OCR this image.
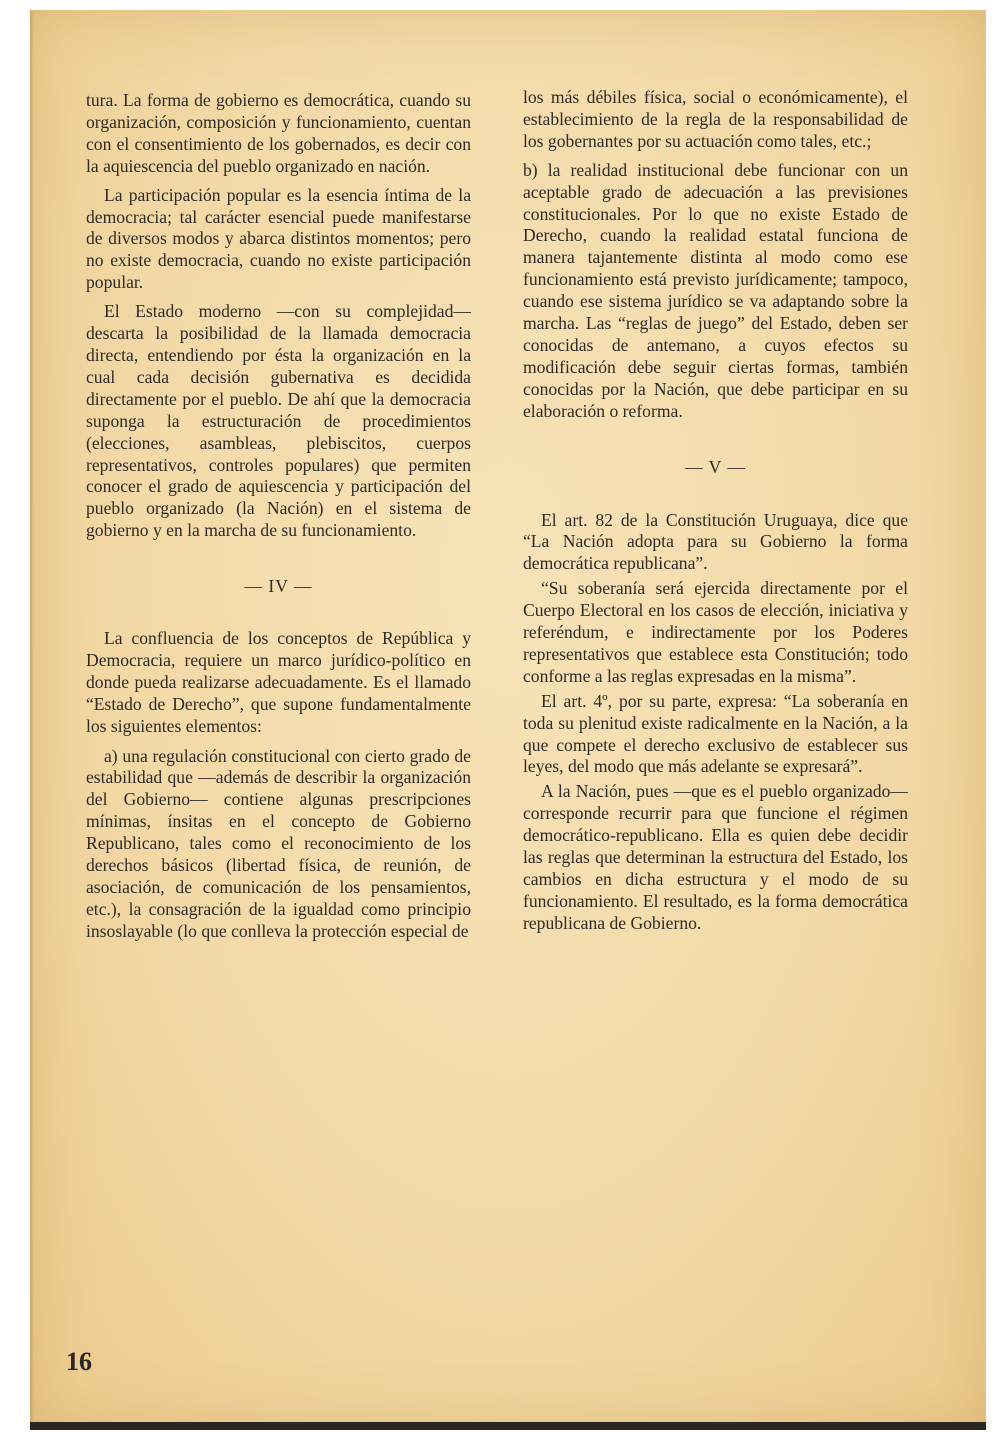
tura. La forma de gobierno es democrática, cuando su organización, composición y funcionamiento, cuentan con el consentimiento de los gobernados, es decir con la aquiescencia del pueblo organizado en nación.

La participación popular es la esencia íntima de la democracia; tal carácter esencial puede manifestarse de diversos modos y abarca distintos momentos; pero no existe democracia, cuando no existe participación popular.

El Estado moderno —con su complejidad— descarta la posibilidad de la llamada democracia directa, entendiendo por ésta la organización en la cual cada decisión gubernativa es decidida directamente por el pueblo. De ahí que la democracia suponga la estructuración de procedimientos (elecciones, asambleas, plebiscitos, cuerpos representativos, controles populares) que permiten conocer el grado de aquiescencia y participación del pueblo organizado (la Nación) en el sistema de gobierno y en la marcha de su funcionamiento.

— IV —

La confluencia de los conceptos de República y Democracia, requiere un marco jurídico-político en donde pueda realizarse adecuadamente. Es el llamado “Estado de Derecho”, que supone fundamentalmente los siguientes elementos:

a) una regulación constitucional con cierto grado de estabilidad que —además de describir la organización del Gobierno— contiene algunas prescripciones mínimas, ínsitas en el concepto de Gobierno Republicano, tales como el reconocimiento de los derechos básicos (libertad física, de reunión, de asociación, de comunicación de los pensamientos, etc.), la consagración de la igualdad como principio insoslayable (lo que conlleva la protección especial de

los más débiles física, social o económicamente), el establecimiento de la regla de la responsabilidad de los gobernantes por su actuación como tales, etc.;

b) la realidad institucional debe funcionar con un aceptable grado de adecuación a las previsiones constitucionales. Por lo que no existe Estado de Derecho, cuando la realidad estatal funciona de manera tajantemente distinta al modo como ese funcionamiento está previsto jurídicamente; tampoco, cuando ese sistema jurídico se va adaptando sobre la marcha. Las “reglas de juego” del Estado, deben ser conocidas de antemano, a cuyos efectos su modificación debe seguir ciertas formas, también conocidas por la Nación, que debe participar en su elaboración o reforma.

— V —

El art. 82 de la Constitución Uruguaya, dice que “La Nación adopta para su Gobierno la forma democrática republicana”.

“Su soberanía será ejercida directamente por el Cuerpo Electoral en los casos de elección, iniciativa y referéndum, e indirectamente por los Poderes representativos que establece esta Constitución; todo conforme a las reglas expresadas en la misma”.

El art. 4º, por su parte, expresa: “La soberanía en toda su plenitud existe radicalmente en la Nación, a la que compete el derecho exclusivo de establecer sus leyes, del modo que más adelante se expresará”.

A la Nación, pues —que es el pueblo organizado— corresponde recurrir para que funcione el régimen democrático-republicano. Ella es quien debe decidir las reglas que determinan la estructura del Estado, los cambios en dicha estructura y el modo de su funcionamiento. El resultado, es la forma democrática republicana de Gobierno.

16
